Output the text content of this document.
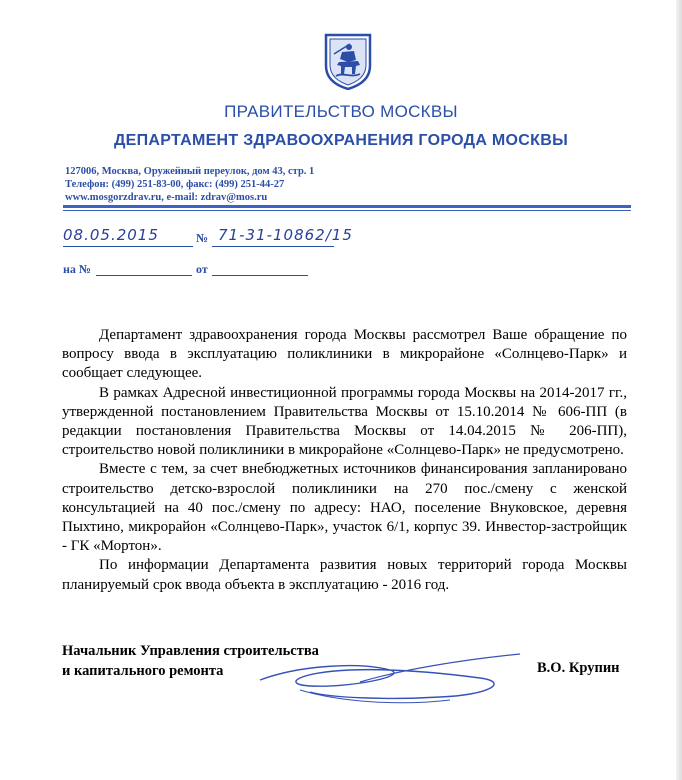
ПРАВИТЕЛЬСТВО МОСКВЫ
ДЕПАРТАМЕНТ ЗДРАВООХРАНЕНИЯ ГОРОДА МОСКВЫ
127006, Москва, Оружейный переулок, дом 43, стр. 1
Телефон: (499) 251-83-00, факс: (499) 251-44-27
www.mosgorzdrav.ru, e-mail: zdrav@mos.ru
08.05.2015	№ 71-31-10862/15
на №	от

Департамент здравоохранения города Москвы рассмотрел Ваше обращение по вопросу ввода в эксплуатацию поликлиники в микрорайоне «Солнцево-Парк» и сообщает следующее.

В рамках Адресной инвестиционной программы города Москвы на 2014-2017 гг., утвержденной постановлением Правительства Москвы от 15.10.2014 № 606-ПП (в редакции постановления Правительства Москвы от 14.04.2015 № 206-ПП), строительство новой поликлиники в микрорайоне «Солнцево-Парк» не предусмотрено.

Вместе с тем, за счет внебюджетных источников финансирования запланировано строительство детско-взрослой поликлиники на 270 пос./смену с женской консультацией на 40 пос./смену по адресу: НАО, поселение Внуковское, деревня Пыхтино, микрорайон «Солнцево-Парк», участок 6/1, корпус 39. Инвестор-застройщик - ГК «Мортон».

По информации Департамента развития новых территорий города Москвы планируемый срок ввода объекта в эксплуатацию - 2016 год.

Начальник Управления строительства
и капитального ремонта	В.О. Крупин
